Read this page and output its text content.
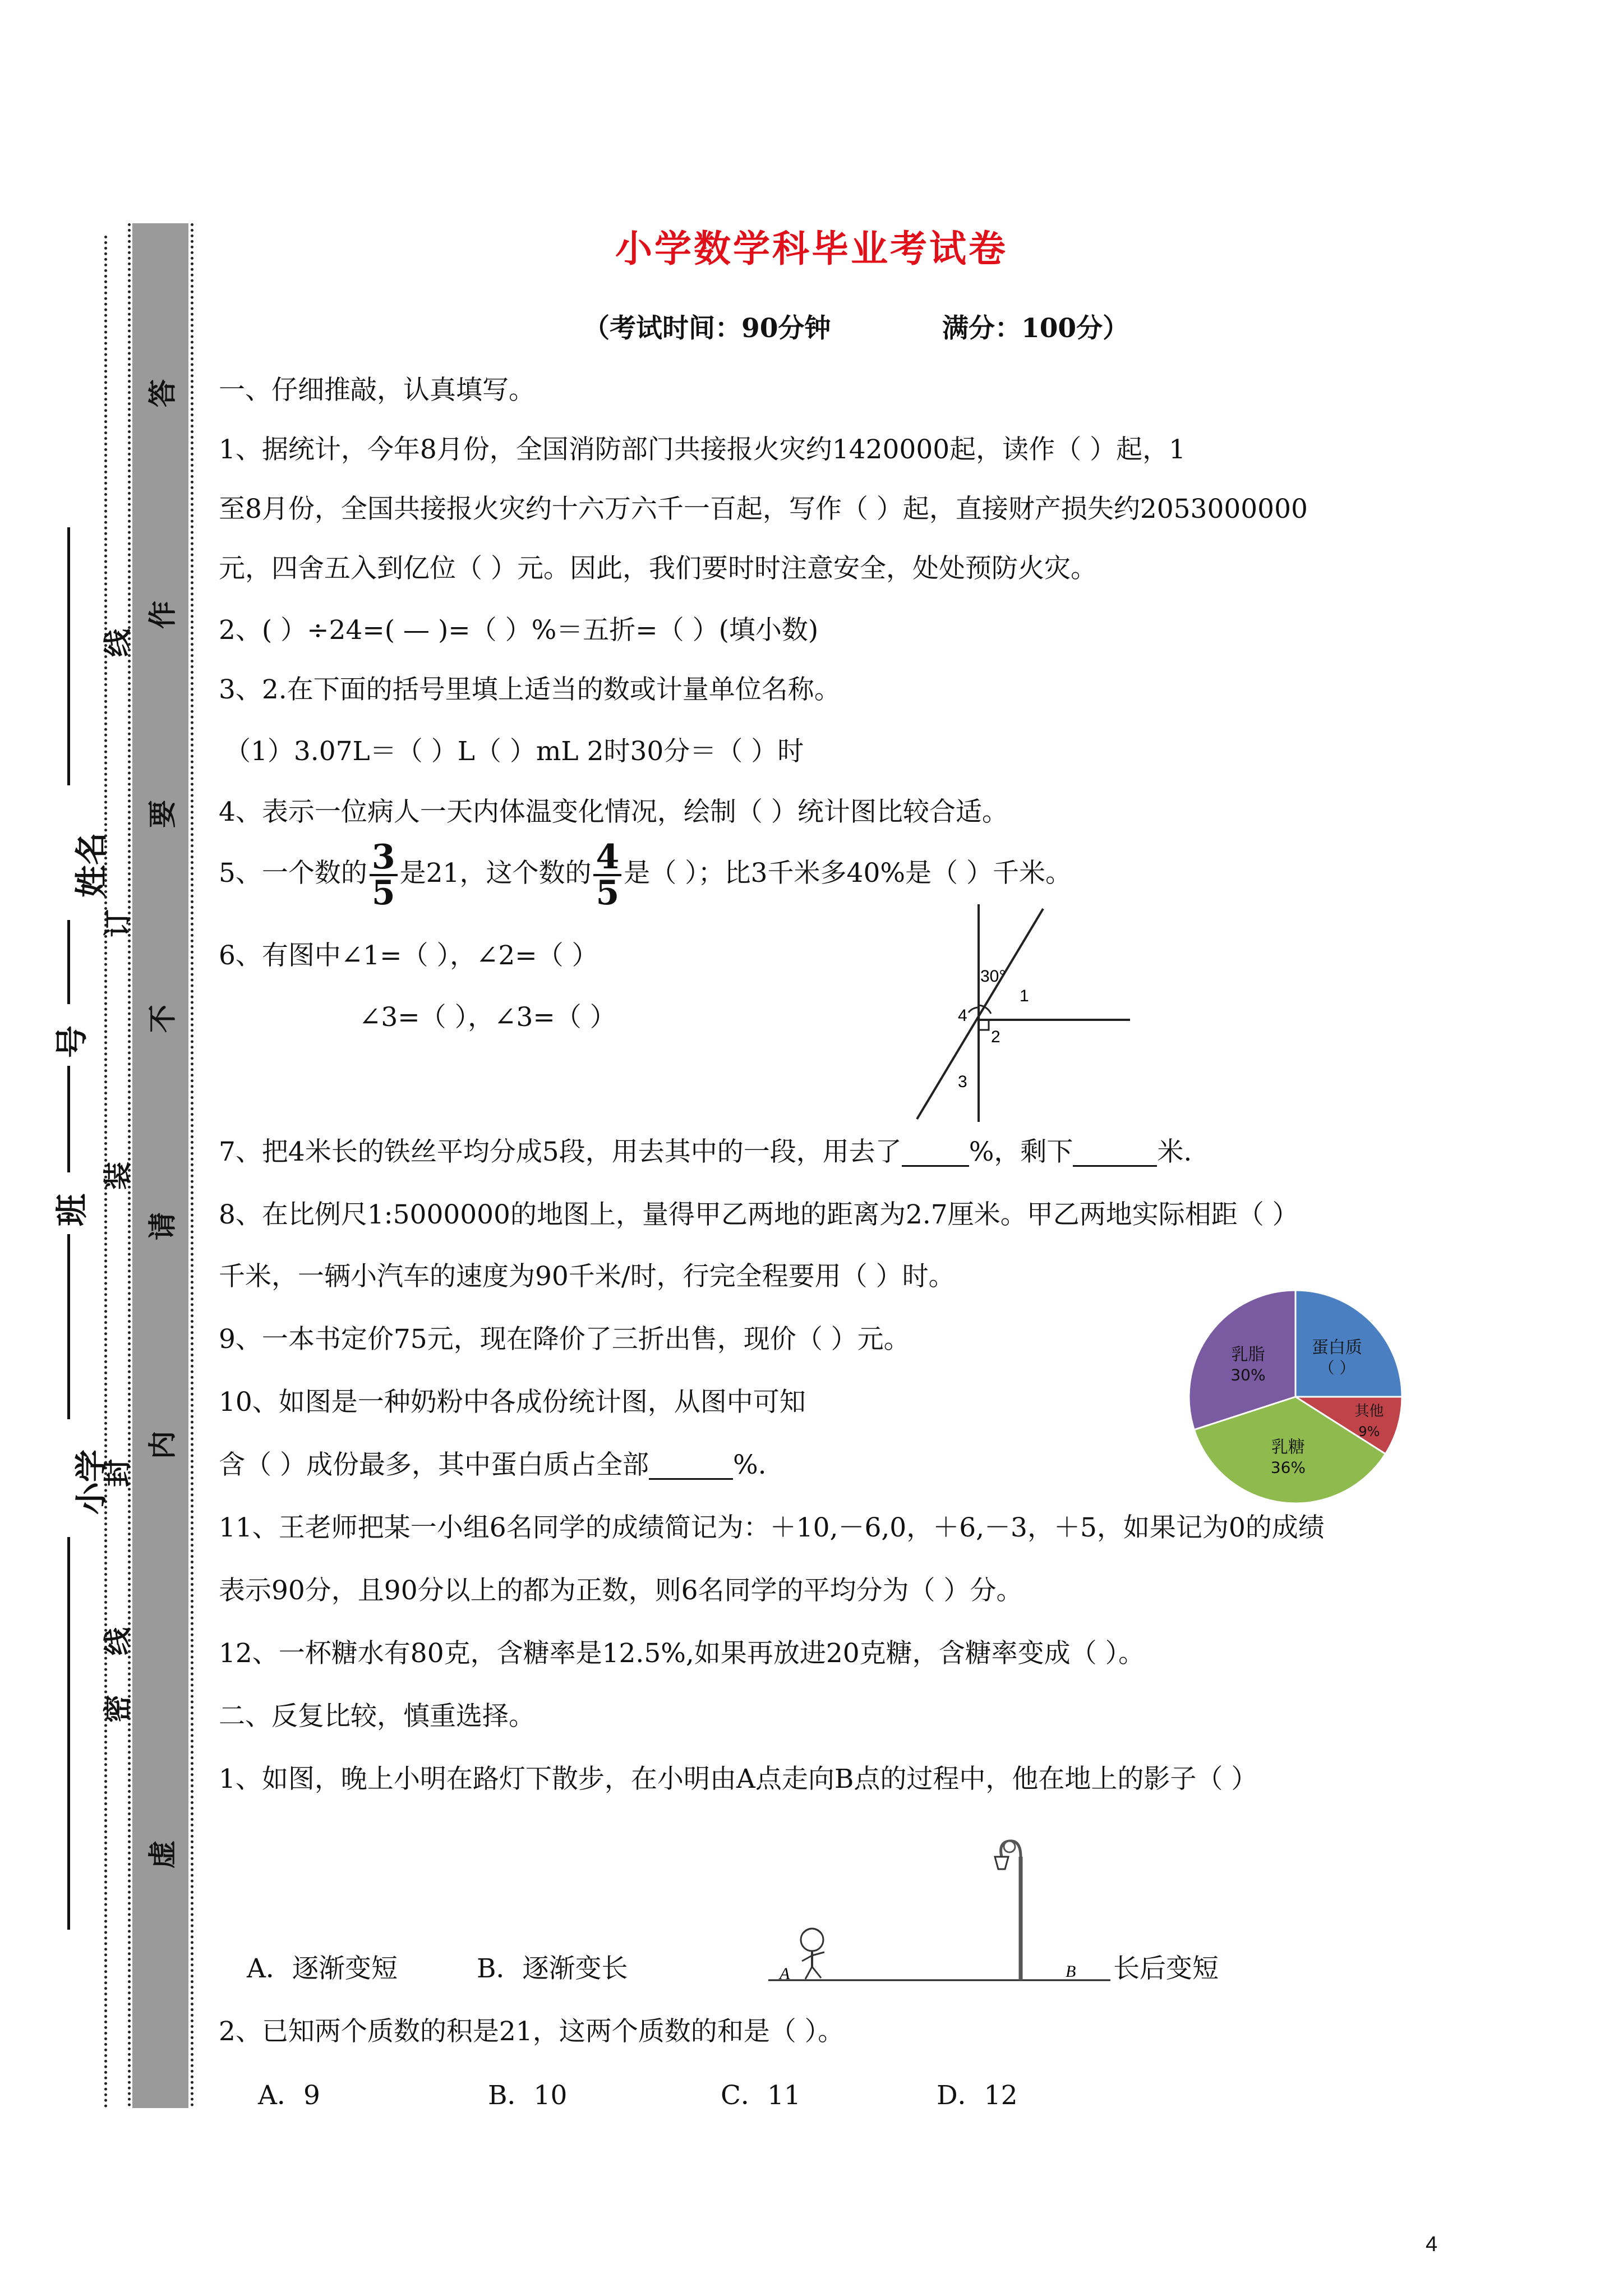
小学数学科毕业考试卷
（考试时间：90分钟	满分：100分）
答
作
要
不
请
内
虚
线
订
装
封
线
密
姓名
号
班
小学
一、仔细推敲，认真填写。
1、据统计，今年8月份，全国消防部门共接报火灾约1420000起，读作（ ）起，1
至8月份，全国共接报火灾约十六万六千一百起，写作（ ）起，直接财产损失约2053000000
元，四舍五入到亿位（ ）元。因此，我们要时时注意安全，处处预防火灾。
2、( ）÷24=( — )=（ ）%＝五折=（ ）(填小数)
3、2.在下面的括号里填上适当的数或计量单位名称。
（1）3.07L＝（ ）L（ ）mL 2时30分＝（ ）时
4、表示一位病人一天内体温变化情况，绘制（ ）统计图比较合适。
5、一个数的 $\frac{3}{5}$ 是21，这个数的 $\frac{4}{5}$ 是（ ）；比3千米多40%是（ ）千米。
6、有图中∠1=（ ），∠2=（ ）
∠3=（ ），∠3=（ ）
30°
1
2
3
4
7、把4米长的铁丝平均分成5段，用去其中的一段，用去了	%，剩下	米.
8、在比例尺1:5000000的地图上，量得甲乙两地的距离为2.7厘米。甲乙两地实际相距（ ）
千米，一辆小汽车的速度为90千米/时，行完全程要用（ ）时。
9、一本书定价75元，现在降价了三折出售，现价（ ）元。
10、如图是一种奶粉中各成份统计图，从图中可知
含（ ）成份最多，其中蛋白质占全部	%.
蛋白质
（ ）
其他
9%
乳糖
36%
乳脂
30%
11、王老师把某一小组6名同学的成绩简记为：＋10,－6,0，＋6,－3，＋5，如果记为0的成绩
表示90分，且90分以上的都为正数，则6名同学的平均分为（ ）分。
12、一杯糖水有80克，含糖率是12.5%,如果再放进20克糖，含糖率变成（ ）。
二、反复比较，慎重选择。
1、如图，晚上小明在路灯下散步，在小明由A点走向B点的过程中，他在地上的影子（ ）
A	B
A．逐渐变短	B．逐渐变长	长后变短
2、已知两个质数的积是21，这两个质数的和是（ ）。
A．9	B．10	C．11	D．12
4
